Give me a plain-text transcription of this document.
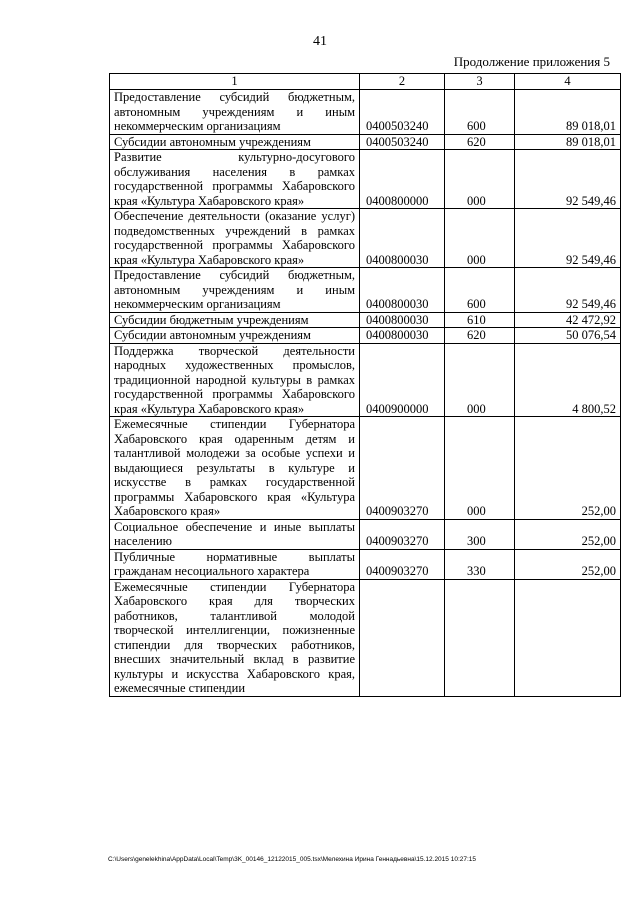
41
Продолжение приложения 5
1	2	3	4
Предоставление субсидий бюджетным, автономным учреждениям и иным некоммерческим организациям	0400503240	600	89 018,01
Субсидии автономным учреждениям	0400503240	620	89 018,01
Развитие культурно-досугового обслуживания населения в рамках государственной программы Хабаровского края «Культура Хабаровского края»	0400800000	000	92 549,46
Обеспечение деятельности (оказание услуг) подведомственных учреждений в рамках государственной программы Хабаровского края «Культура Хабаровского края»	0400800030	000	92 549,46
Предоставление субсидий бюджетным, автономным учреждениям и иным некоммерческим организациям	0400800030	600	92 549,46
Субсидии бюджетным учреждениям	0400800030	610	42 472,92
Субсидии автономным учреждениям	0400800030	620	50 076,54
Поддержка творческой деятельности народных художественных промыслов, традиционной народной культуры в рамках государственной программы Хабаровского края «Культура Хабаровского края»	0400900000	000	4 800,52
Ежемесячные стипендии Губернатора Хабаровского края одаренным детям и талантливой молодежи за особые успехи и выдающиеся результаты в культуре и искусстве в рамках государственной программы Хабаровского края «Культура Хабаровского края»	0400903270	000	252,00
Социальное обеспечение и иные выплаты населению	0400903270	300	252,00
Публичные нормативные выплаты гражданам несоциального характера	0400903270	330	252,00
Ежемесячные стипендии Губернатора Хабаровского края для творческих работников, талантливой молодой творческой интеллигенции, пожизненные стипендии для творческих работников, внесших значительный вклад в развитие культуры и искусства Хабаровского края, ежемесячные стипендии			
C:\Users\genelekhina\AppData\Local\Temp\3K_00146_12122015_005.tsx\Мелехина Ирина Геннадьевна\15.12.2015 10:27:15
